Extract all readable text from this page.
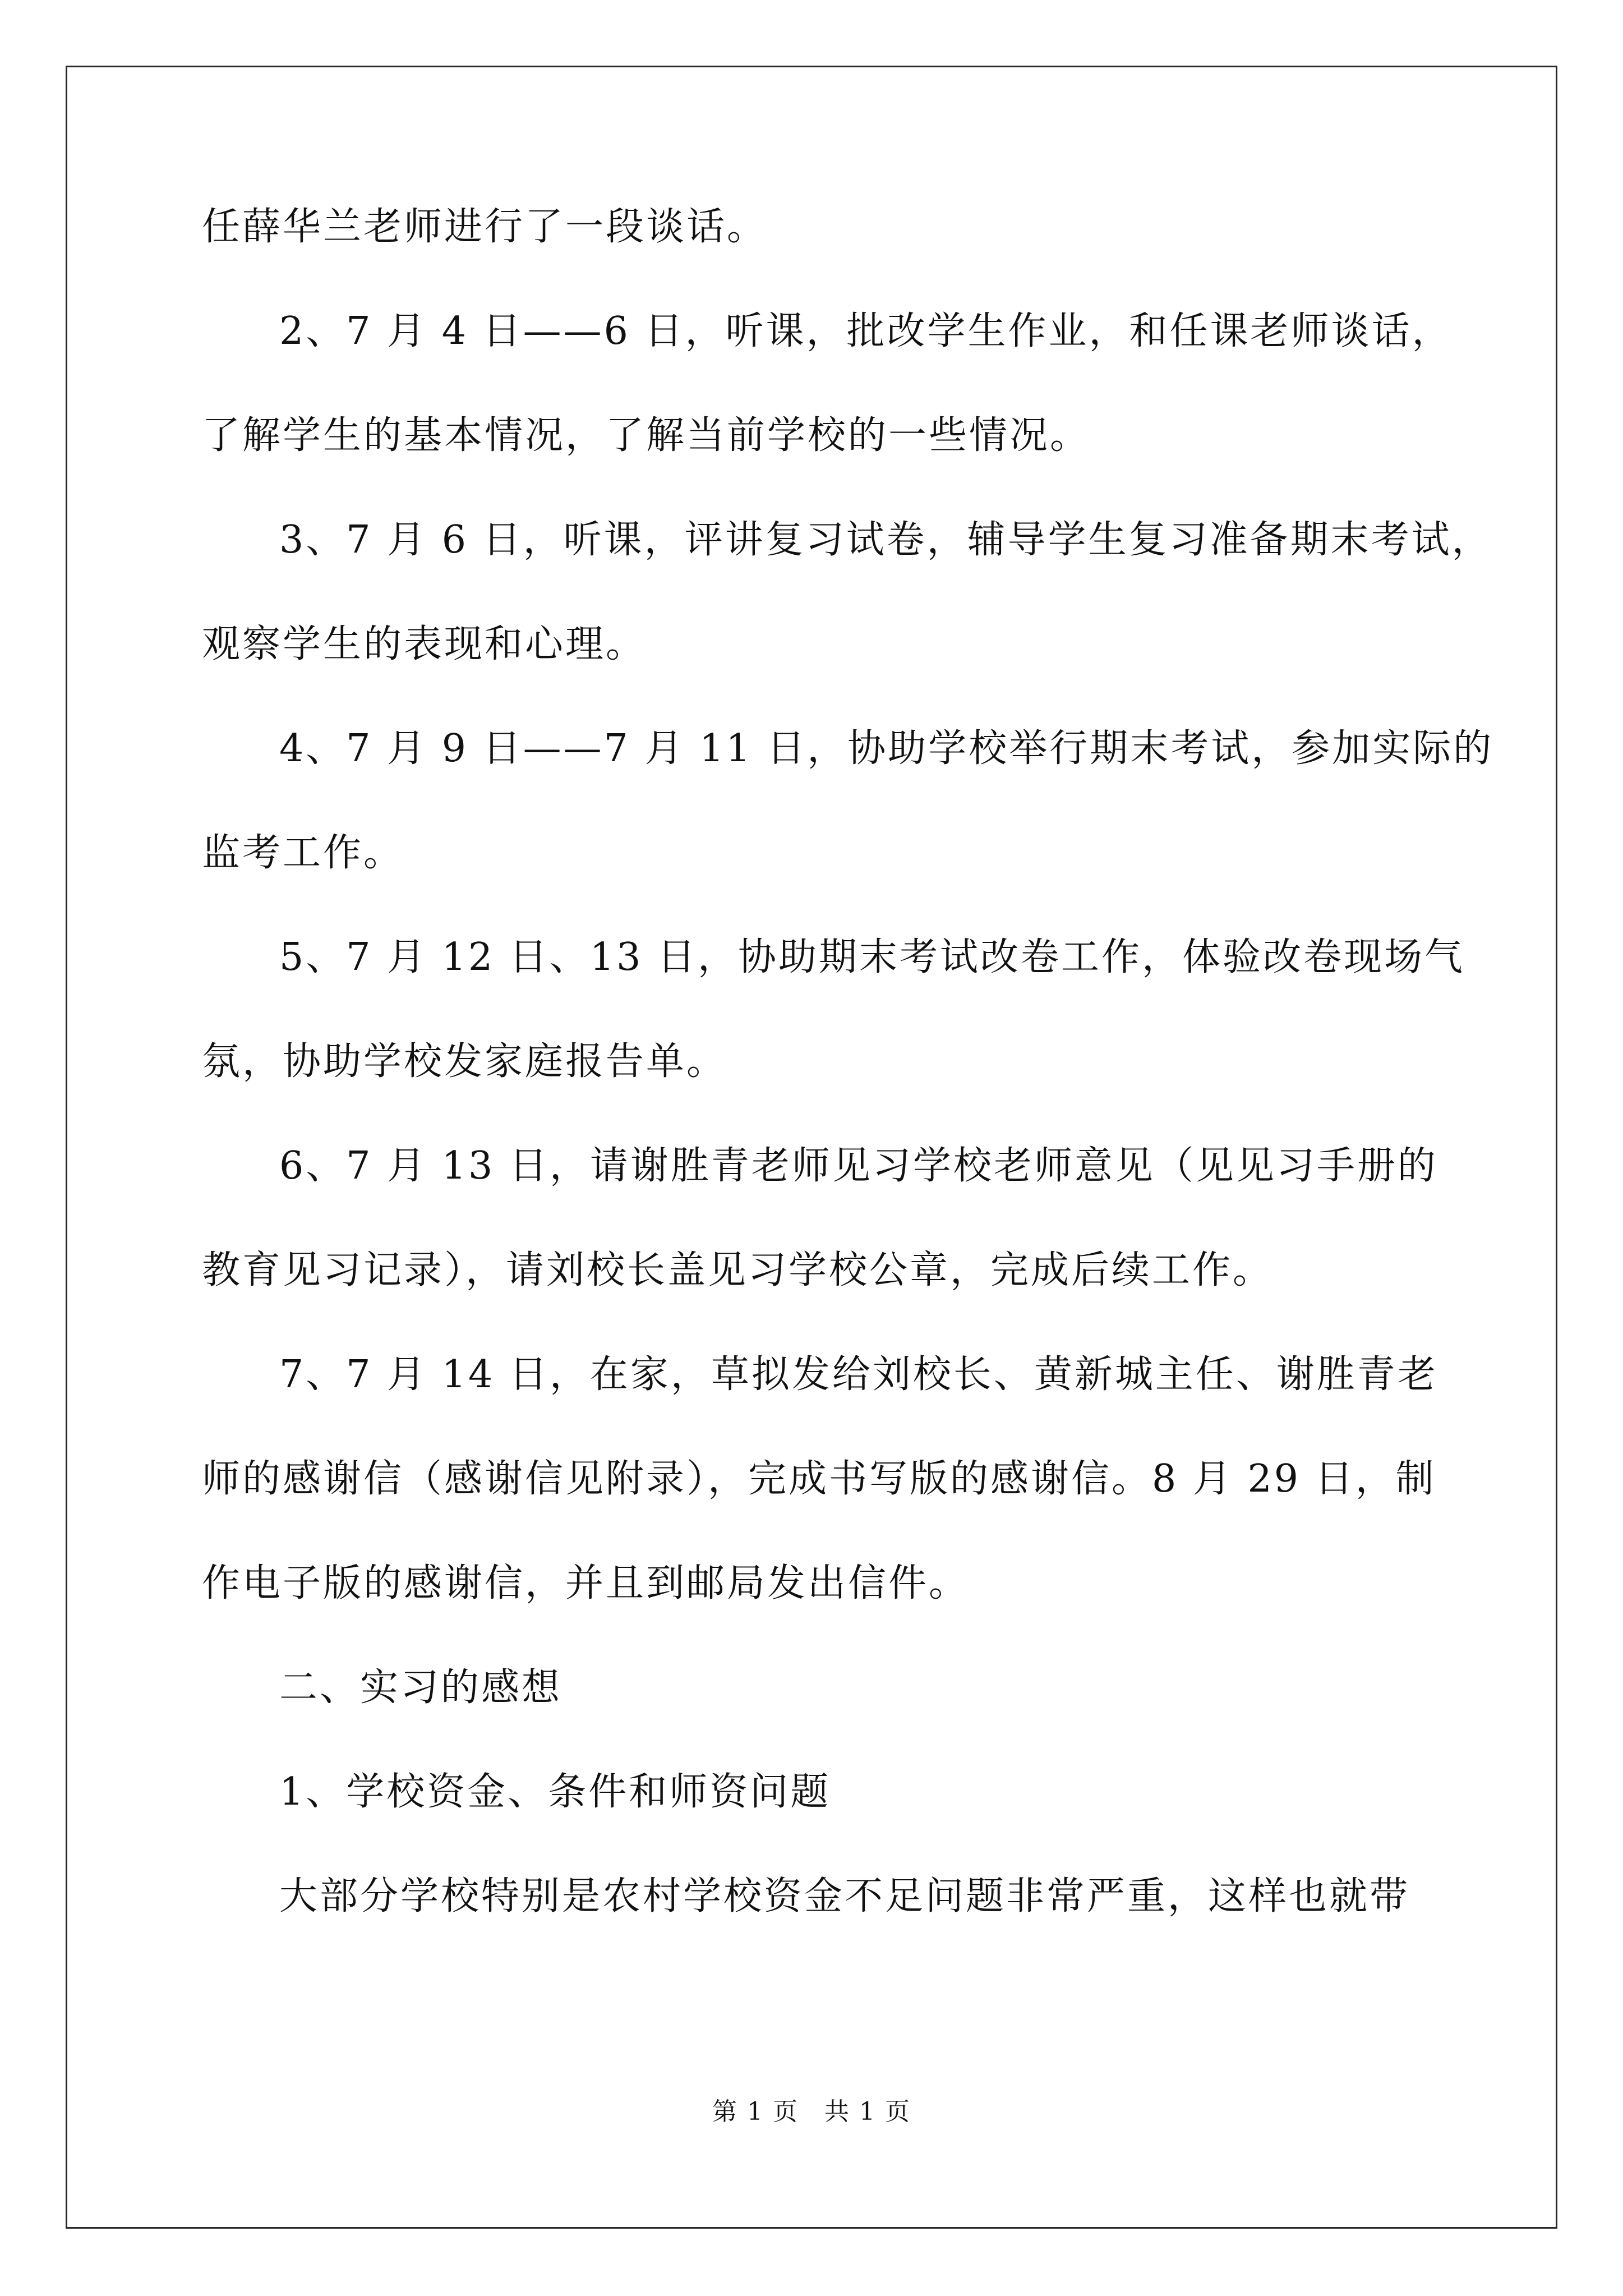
任薛华兰老师进行了一段谈话。
2、7 月 4 日——6 日，听课，批改学生作业，和任课老师谈话，
了解学生的基本情况，了解当前学校的一些情况。
3、7 月 6 日，听课，评讲复习试卷，辅导学生复习准备期末考试，
观察学生的表现和心理。
4、7 月 9 日——7 月 11 日，协助学校举行期末考试，参加实际的
监考工作。
5、7 月 12 日、13 日，协助期末考试改卷工作，体验改卷现场气
氛，协助学校发家庭报告单。
6、7 月 13 日，请谢胜青老师见习学校老师意见（见见习手册的
教育见习记录），请刘校长盖见习学校公章，完成后续工作。
7、7 月 14 日，在家，草拟发给刘校长、黄新城主任、谢胜青老
师的感谢信（感谢信见附录），完成书写版的感谢信。8 月 29 日，制
作电子版的感谢信，并且到邮局发出信件。
二、实习的感想
1、学校资金、条件和师资问题
大部分学校特别是农村学校资金不足问题非常严重，这样也就带
第 1 页　共 1 页
